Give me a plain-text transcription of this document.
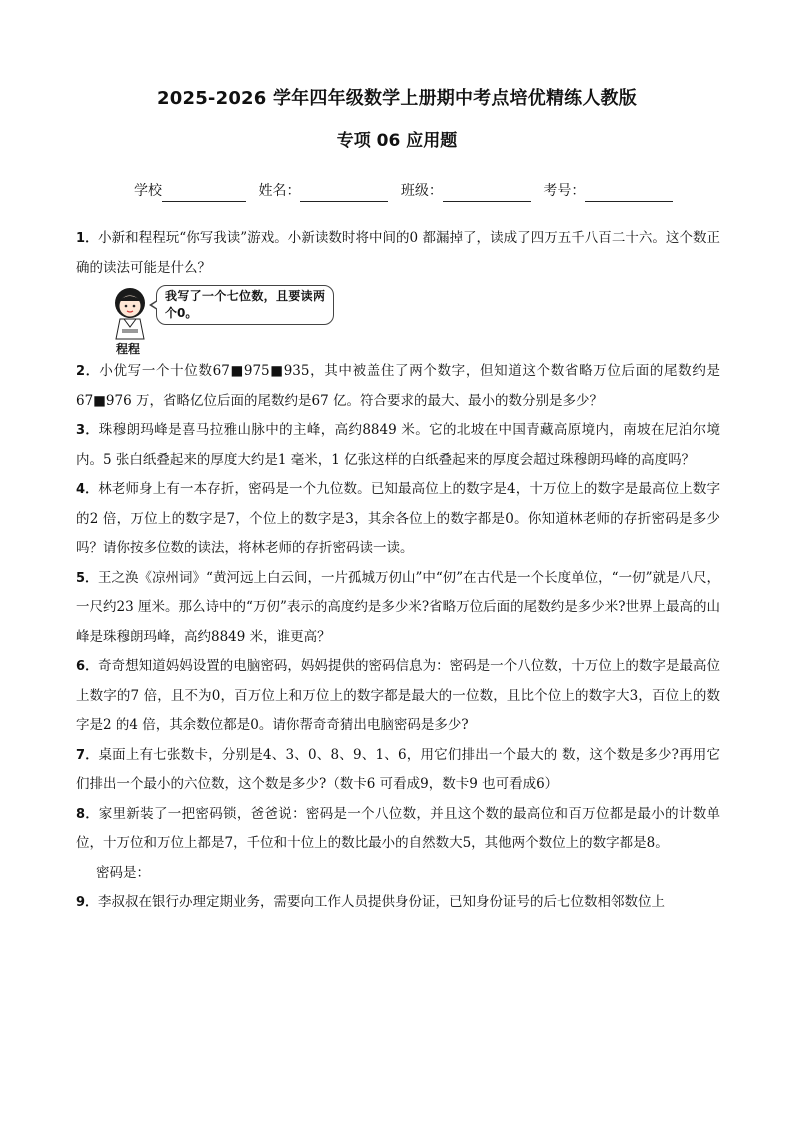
2025-2026 学年四年级数学上册期中考点培优精练人教版
专项 06 应用题
学校	姓名：	班级：	考号：

1．小新和程程玩“你写我读”游戏。小新读数时将中间的0 都漏掉了，读成了四万五千八百二十六。这个数正确的读法可能是什么？

程程
我写了一个七位数，且要读两个0。

2．小优写一个十位数67■975■935，其中被盖住了两个数字，但知道这个数省略万位后面的尾数约是67■976 万，省略亿位后面的尾数约是67 亿。符合要求的最大、最小的数分别是多少？

3．珠穆朗玛峰是喜马拉雅山脉中的主峰，高约8849 米。它的北坡在中国青藏高原境内，南坡在尼泊尔境内。5 张白纸叠起来的厚度大约是1 毫米，1 亿张这样的白纸叠起来的厚度会超过珠穆朗玛峰的高度吗？

4．林老师身上有一本存折，密码是一个九位数。已知最高位上的数字是4，十万位上的数字是最高位上数字的2 倍，万位上的数字是7，个位上的数字是3，其余各位上的数字都是0。你知道林老师的存折密码是多少吗？请你按多位数的读法，将林老师的存折密码读一读。

5．王之涣《凉州词》“黄河远上白云间，一片孤城万仞山”中“仞”在古代是一个长度单位，“一仞”就是八尺，一尺约23 厘米。那么诗中的“万仞”表示的高度约是多少米?省略万位后面的尾数约是多少米?世界上最高的山峰是珠穆朗玛峰，高约8849 米，谁更高？

6．奇奇想知道妈妈设置的电脑密码，妈妈提供的密码信息为：密码是一个八位数，十万位上的数字是最高位上数字的7 倍，且不为0，百万位上和万位上的数字都是最大的一位数，且比个位上的数字大3，百位上的数字是2 的4 倍，其余数位都是0。请你帮奇奇猜出电脑密码是多少?

7．桌面上有七张数卡，分别是4、3、0、8、9、1、6，用它们排出一个最大的 数，这个数是多少?再用它们排出一个最小的六位数，这个数是多少?（数卡6 可看成9，数卡9 也可看成6）

8．家里新装了一把密码锁，爸爸说：密码是一个八位数，并且这个数的最高位和百万位都是最小的计数单位，十万位和万位上都是7，千位和十位上的数比最小的自然数大5，其他两个数位上的数字都是8。

密码是：

9．李叔叔在银行办理定期业务，需要向工作人员提供身份证，已知身份证号的后七位数相邻数位上
